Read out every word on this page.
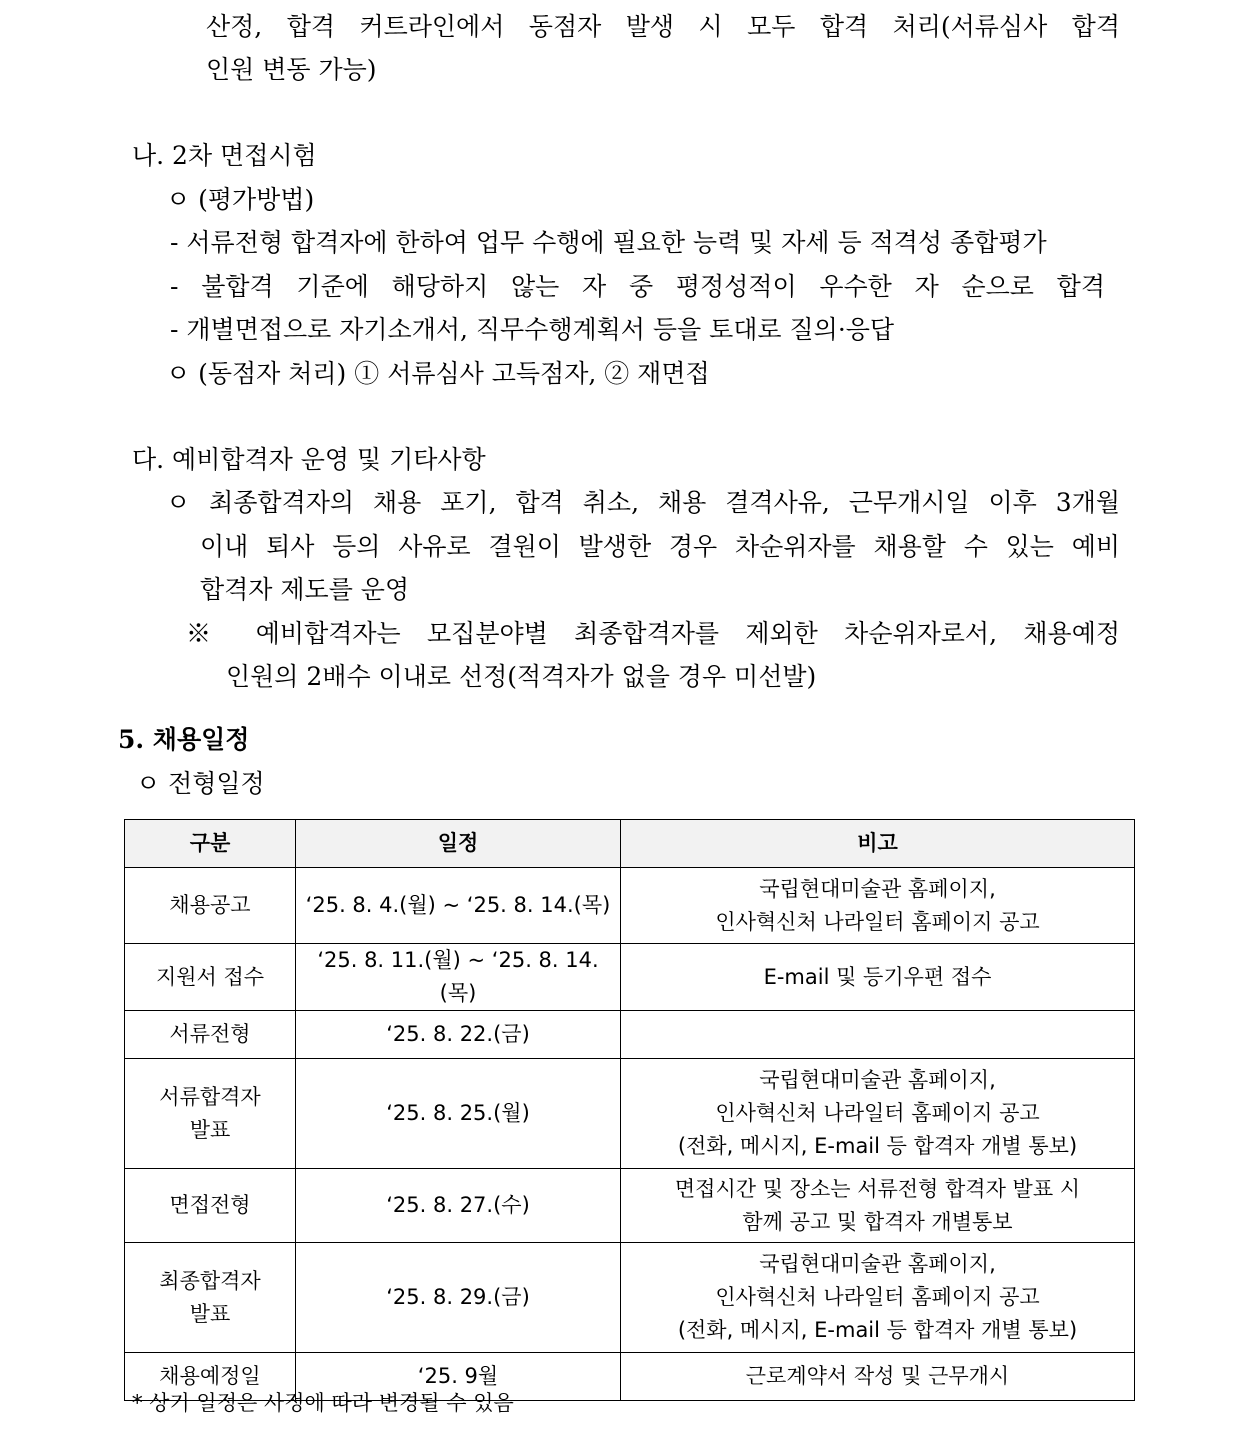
산정, 합격 커트라인에서 동점자 발생 시 모두 합격 처리(서류심사 합격
인원 변동 가능)
나. 2차 면접시험
ㅇ (평가방법)
- 서류전형 합격자에 한하여 업무 수행에 필요한 능력 및 자세 등 적격성 종합평가
- 불합격 기준에 해당하지 않는 자 중 평정성적이 우수한 자 순으로 합격
- 개별면접으로 자기소개서, 직무수행계획서 등을 토대로 질의·응답
ㅇ (동점자 처리) ① 서류심사 고득점자, ② 재면접
다. 예비합격자 운영 및 기타사항
ㅇ 최종합격자의 채용 포기, 합격 취소, 채용 결격사유, 근무개시일 이후 3개월
이내 퇴사 등의 사유로 결원이 발생한 경우 차순위자를 채용할 수 있는 예비
합격자 제도를 운영
※ 예비합격자는 모집분야별 최종합격자를 제외한 차순위자로서, 채용예정
인원의 2배수 이내로 선정(적격자가 없을 경우 미선발)
5. 채용일정
ㅇ 전형일정
구분	일정	비고

채용공고	‘25. 8. 4.(월) ~ ‘25. 8. 14.(목)	국립현대미술관 홈페이지,
인사혁신처 나라일터 홈페이지 공고

지원서 접수	‘25. 8. 11.(월) ~ ‘25. 8. 14.(목)	E-mail 및 등기우편 접수

서류전형	‘25. 8. 22.(금)	

서류합격자
발표	‘25. 8. 25.(월)	국립현대미술관 홈페이지,
인사혁신처 나라일터 홈페이지 공고
(전화, 메시지, E-mail 등 합격자 개별 통보)

면접전형	‘25. 8. 27.(수)	면접시간 및 장소는 서류전형 합격자 발표 시
함께 공고 및 합격자 개별통보

최종합격자
발표	‘25. 8. 29.(금)	국립현대미술관 홈페이지,
인사혁신처 나라일터 홈페이지 공고
(전화, 메시지, E-mail 등 합격자 개별 통보)

채용예정일	‘25. 9월	근로계약서 작성 및 근무개시
* 상기 일정은 사정에 따라 변경될 수 있음
